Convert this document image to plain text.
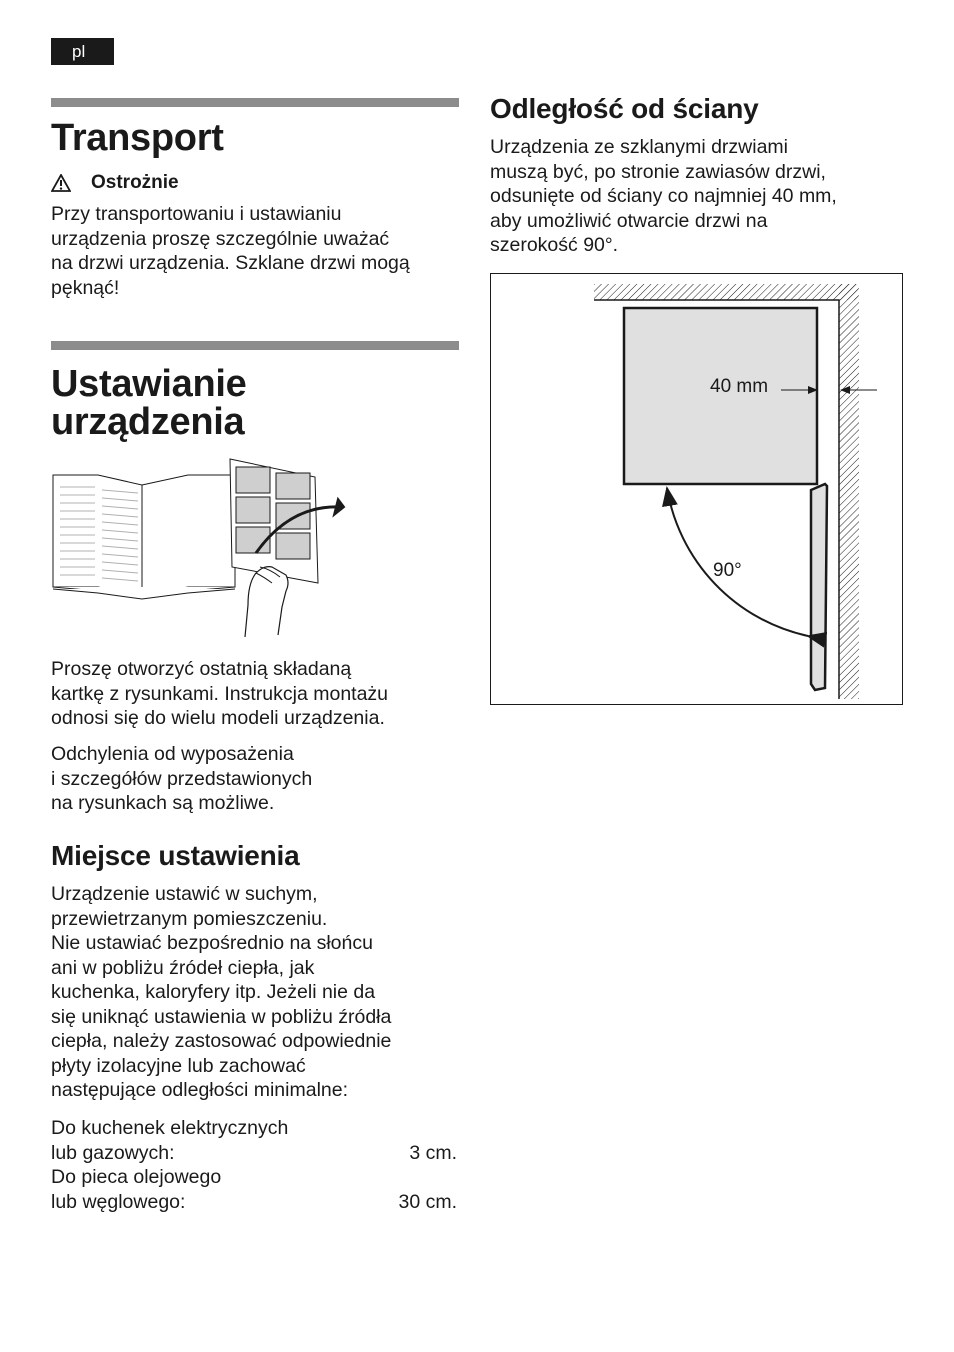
pl
Transport
Ostrożnie
Przy transportowaniu i ustawianiu
urządzenia proszę szczególnie uważać
na drzwi urządzenia. Szklane drzwi mogą
pęknąć!
Ustawianie
urządzenia
Proszę otworzyć ostatnią składaną
kartkę z rysunkami. Instrukcja montażu
odnosi się do wielu modeli urządzenia.
Odchylenia od wyposażenia
i szczegółów przedstawionych
na rysunkach są możliwe.
Miejsce ustawienia
Urządzenie ustawić w suchym,
przewietrzanym pomieszczeniu.
Nie ustawiać bezpośrednio na słońcu
ani w pobliżu źródeł ciepła, jak
kuchenka, kaloryfery itp. Jeżeli nie da
się uniknąć ustawienia w pobliżu źródła
ciepła, należy zastosować odpowiednie
płyty izolacyjne lub zachować
następujące odległości minimalne:
Do kuchenek elektrycznych
lub gazowych:	3 cm.
Do pieca olejowego
lub węglowego:	30 cm.
Odległość od ściany
Urządzenia ze szklanymi drzwiami
muszą być, po stronie zawiasów drzwi,
odsunięte od ściany co najmniej 40 mm,
aby umożliwić otwarcie drzwi na
szerokość 90°.
40 mm
90°
